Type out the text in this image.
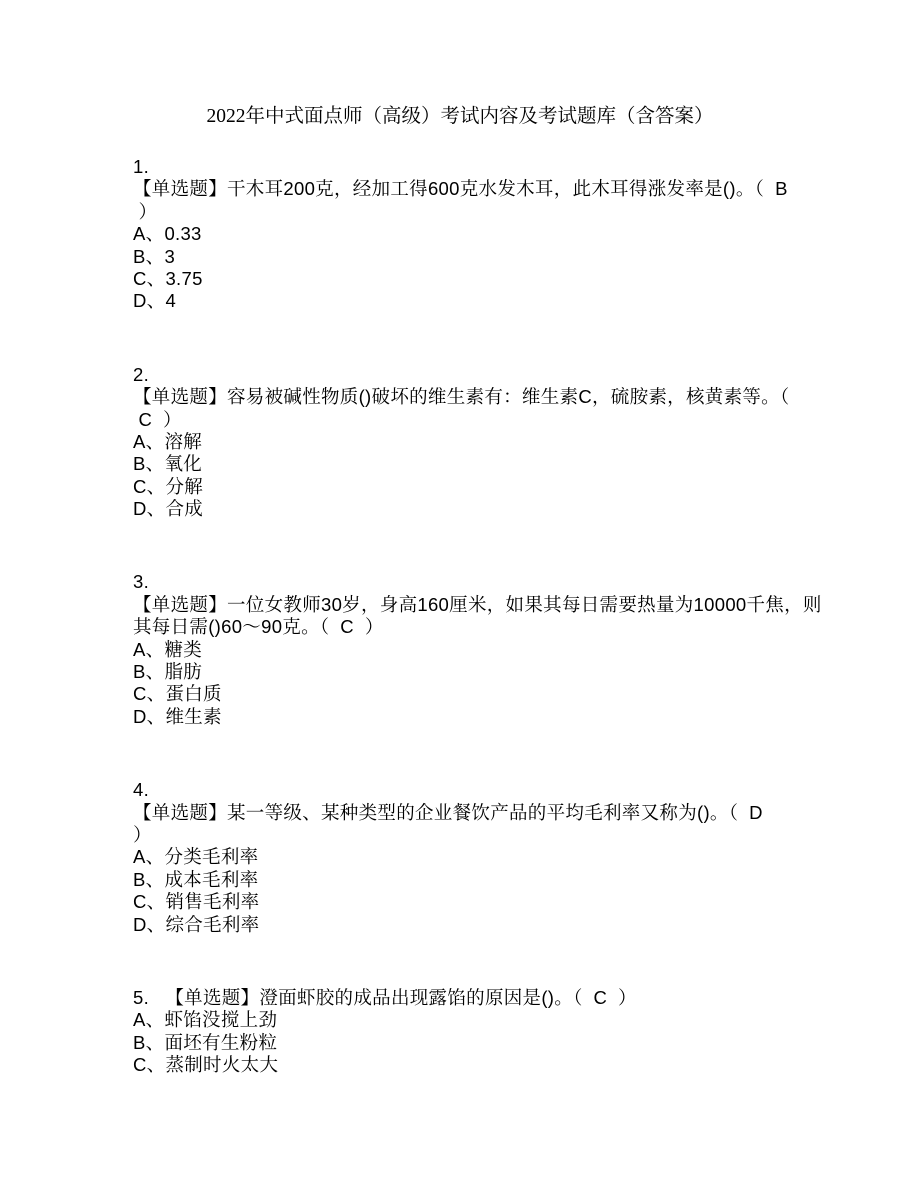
2022年中式面点师（高级）考试内容及考试题库（含答案）
1.
【单选题】干木耳200克，经加工得600克水发木耳，此木耳得涨发率是()。（  B
）
A、0.33
B、3
C、3.75
D、4
2.
【单选题】容易被碱性物质()破坏的维生素有：维生素C，硫胺素，核黄素等。（
C  ）
A、溶解
B、氧化
C、分解
D、合成
3.
【单选题】一位女教师30岁，身高160厘米，如果其每日需要热量为10000千焦，则
其每日需()60～90克。（  C  ）
A、糖类
B、脂肪
C、蛋白质
D、维生素
4.
【单选题】某一等级、某种类型的企业餐饮产品的平均毛利率又称为()。（  D
）
A、分类毛利率
B、成本毛利率
C、销售毛利率
D、综合毛利率
5.   【单选题】澄面虾胶的成品出现露馅的原因是()。（  C  ）
A、虾馅没搅上劲
B、面坯有生粉粒
C、蒸制时火太大
